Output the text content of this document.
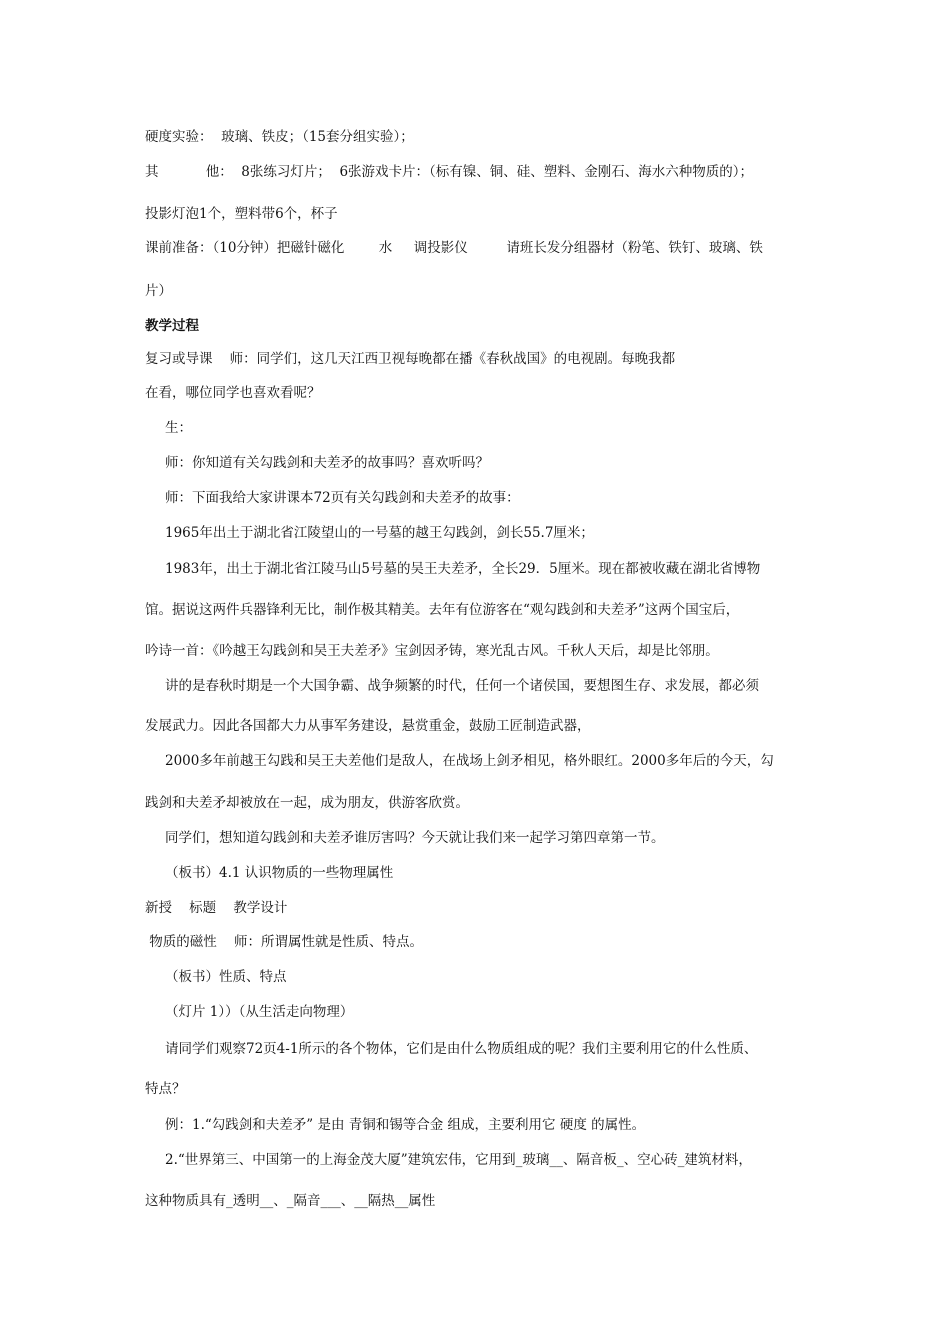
硬度实验：  玻璃、铁皮；（15套分组实验）；
其           他：  8张练习灯片；  6张游戏卡片：（标有镍、铜、硅、塑料、金刚石、海水六种物质的）；
投影灯泡1个，塑料带6个，杯子
课前准备：（10分钟）把磁针磁化        水     调投影仪         请班长发分组器材（粉笔、铁钉、玻璃、铁
片）
教学过程
复习或导课    师：同学们，这几天江西卫视每晚都在播《春秋战国》的电视剧。每晚我都
在看，哪位同学也喜欢看呢？
生：
师：你知道有关勾践剑和夫差矛的故事吗？喜欢听吗？
师：下面我给大家讲课本72页有关勾践剑和夫差矛的故事：
1965年出土于湖北省江陵望山的一号墓的越王勾践剑，剑长55.7厘米；
1983年，出土于湖北省江陵马山5号墓的吴王夫差矛，全长29．5厘米。现在都被收藏在湖北省博物
馆。据说这两件兵器锋利无比，制作极其精美。去年有位游客在“观勾践剑和夫差矛”这两个国宝后，
吟诗一首：《吟越王勾践剑和吴王夫差矛》宝剑因矛铸，寒光乱古风。千秋人天后，却是比邻朋。
讲的是春秋时期是一个大国争霸、战争频繁的时代，任何一个诸侯国，要想图生存、求发展，都必须
发展武力。因此各国都大力从事军务建设，悬赏重金，鼓励工匠制造武器，
2000多年前越王勾践和吴王夫差他们是敌人，在战场上剑矛相见，格外眼红。2000多年后的今天，勾
践剑和夫差矛却被放在一起，成为朋友，供游客欣赏。
同学们，想知道勾践剑和夫差矛谁厉害吗？今天就让我们来一起学习第四章第一节。
（板书）4.1 认识物质的一些物理属性
新授    标题    教学设计
物质的磁性    师：所谓属性就是性质、特点。
（板书）性质、特点
（灯片 1））（从生活走向物理）
请同学们观察72页4-1所示的各个物体，它们是由什么物质组成的呢？我们主要利用它的什么性质、
特点？
例：1.“勾践剑和夫差矛” 是由 青铜和锡等合金 组成，主要利用它 硬度 的属性。
2.“世界第三、中国第一的上海金茂大厦”建筑宏伟，它用到_玻璃__、隔音板_、空心砖_建筑材料，
这种物质具有_透明__、_隔音___、__隔热__属性
